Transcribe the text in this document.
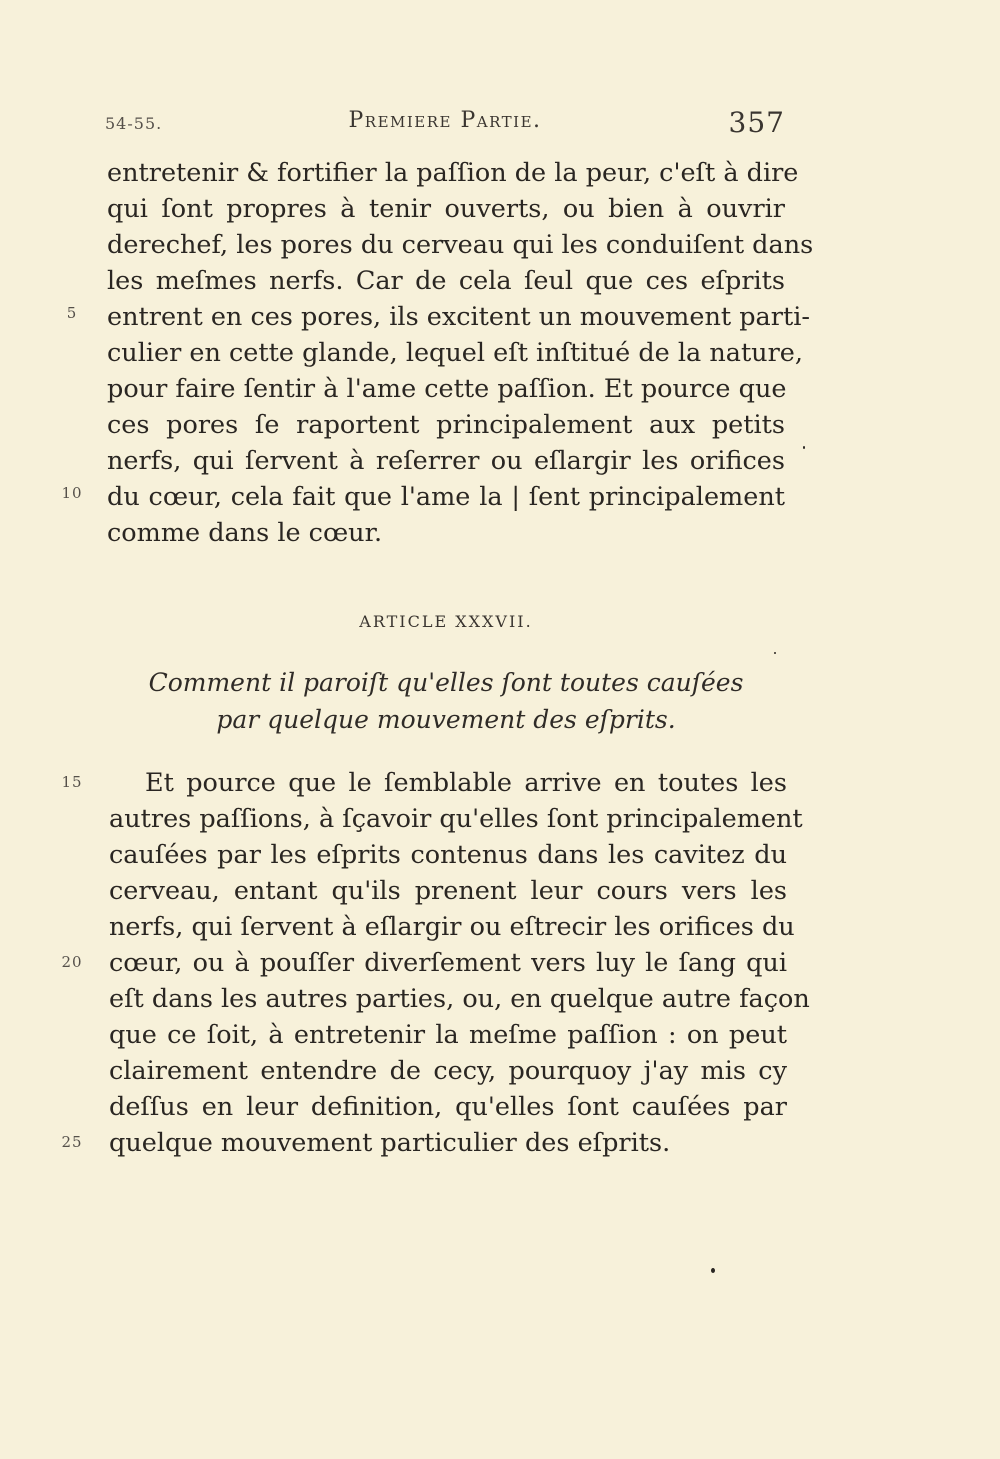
54-55.	Premiere Partie.	357
entretenir & fortifier la paſſion de la peur, c'eſt à dire
qui ſont propres à tenir ouverts, ou bien à ouvrir
derechef, les pores du cerveau qui les conduiſent dans
les meſmes nerfs. Car de cela ſeul que ces eſprits
entrent en ces pores, ils excitent un mouvement parti-
culier en cette glande, lequel eſt inſtitué de la nature,
pour faire ſentir à l'ame cette paſſion. Et pource que
ces pores ſe raportent principalement aux petits
nerfs, qui ſervent à reſerrer ou eſlargir les orifices
du cœur, cela fait que l'ame la | ſent principalement
comme dans le cœur.
5
10
ARTICLE XXXVII.
Comment il paroiſt qu'elles ſont toutes cauſées
par quelque mouvement des eſprits.
Et pource que le ſemblable arrive en toutes les
autres paſſions, à ſçavoir qu'elles ſont principalement
cauſées par les eſprits contenus dans les cavitez du
cerveau, entant qu'ils prenent leur cours vers les
nerfs, qui ſervent à eſlargir ou eſtrecir les orifices du
cœur, ou à pouſſer diverſement vers luy le ſang qui
eſt dans les autres parties, ou, en quelque autre façon
que ce ſoit, à entretenir la meſme paſſion : on peut
clairement entendre de cecy, pourquoy j'ay mis cy
deſſus en leur definition, qu'elles ſont cauſées par
quelque mouvement particulier des eſprits.
15
20
25
